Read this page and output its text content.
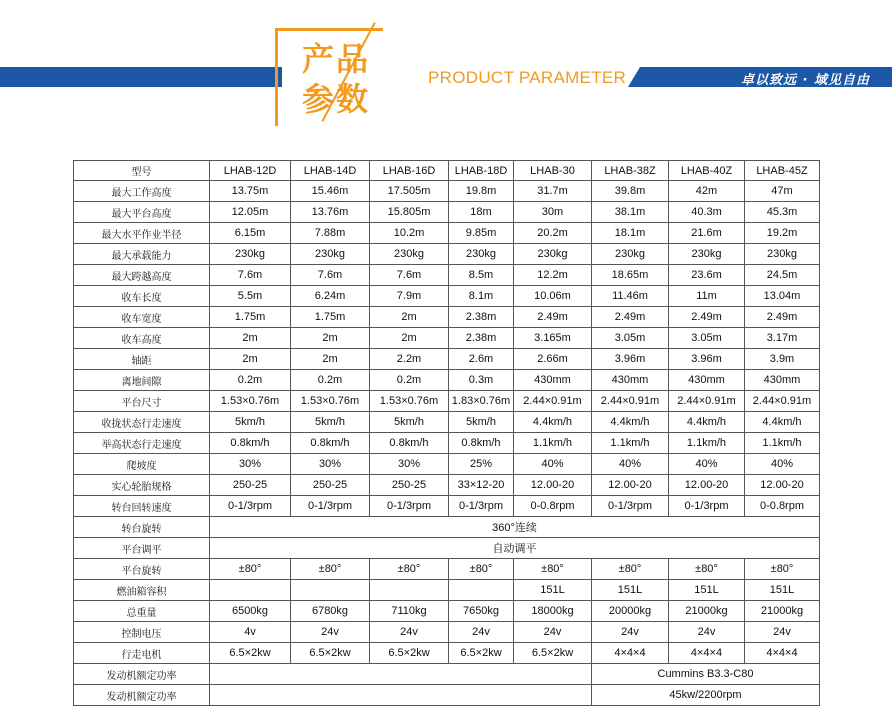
卓以致远 · 域见自由
产品
参数
PRODUCT PARAMETER
型号	LHAB-12D	LHAB-14D	LHAB-16D	LHAB-18D	LHAB-30	LHAB-38Z	LHAB-40Z	LHAB-45Z
最大工作高度	13.75m	15.46m	17.505m	19.8m	31.7m	39.8m	42m	47m
最大平台高度	12.05m	13.76m	15.805m	18m	30m	38.1m	40.3m	45.3m
最大水平作业半径	6.15m	7.88m	10.2m	9.85m	20.2m	18.1m	21.6m	19.2m
最大承载能力	230kg	230kg	230kg	230kg	230kg	230kg	230kg	230kg
最大跨越高度	7.6m	7.6m	7.6m	8.5m	12.2m	18.65m	23.6m	24.5m
收车长度	5.5m	6.24m	7.9m	8.1m	10.06m	11.46m	11m	13.04m
收车宽度	1.75m	1.75m	2m	2.38m	2.49m	2.49m	2.49m	2.49m
收车高度	2m	2m	2m	2.38m	3.165m	3.05m	3.05m	3.17m
轴距	2m	2m	2.2m	2.6m	2.66m	3.96m	3.96m	3.9m
离地间隙	0.2m	0.2m	0.2m	0.3m	430mm	430mm	430mm	430mm
平台尺寸	1.53×0.76m	1.53×0.76m	1.53×0.76m	1.83×0.76m	2.44×0.91m	2.44×0.91m	2.44×0.91m	2.44×0.91m
收拢状态行走速度	5km/h	5km/h	5km/h	5km/h	4.4km/h	4.4km/h	4.4km/h	4.4km/h
举高状态行走速度	0.8km/h	0.8km/h	0.8km/h	0.8km/h	1.1km/h	1.1km/h	1.1km/h	1.1km/h
爬坡度	30%	30%	30%	25%	40%	40%	40%	40%
实心轮胎规格	250-25	250-25	250-25	33×12-20	12.00-20	12.00-20	12.00-20	12.00-20
转台回转速度	0-1/3rpm	0-1/3rpm	0-1/3rpm	0-1/3rpm	0-0.8rpm	0-1/3rpm	0-1/3rpm	0-0.8rpm
转台旋转	360°连续							
平台调平	自动调平							
平台旋转	±80°	±80°	±80°	±80°	±80°	±80°	±80°	±80°
燃油箱容积					151L	151L	151L	151L
总重量	6500kg	6780kg	7110kg	7650kg	18000kg	20000kg	21000kg	21000kg
控制电压	4v	24v	24v	24v	24v	24v	24v	24v
行走电机	6.5×2kw	6.5×2kw	6.5×2kw	6.5×2kw	6.5×2kw	4×4×4	4×4×4	4×4×4
发动机额定功率						Cummins B3.3-C80		
发动机额定功率						45kw/2200rpm		
